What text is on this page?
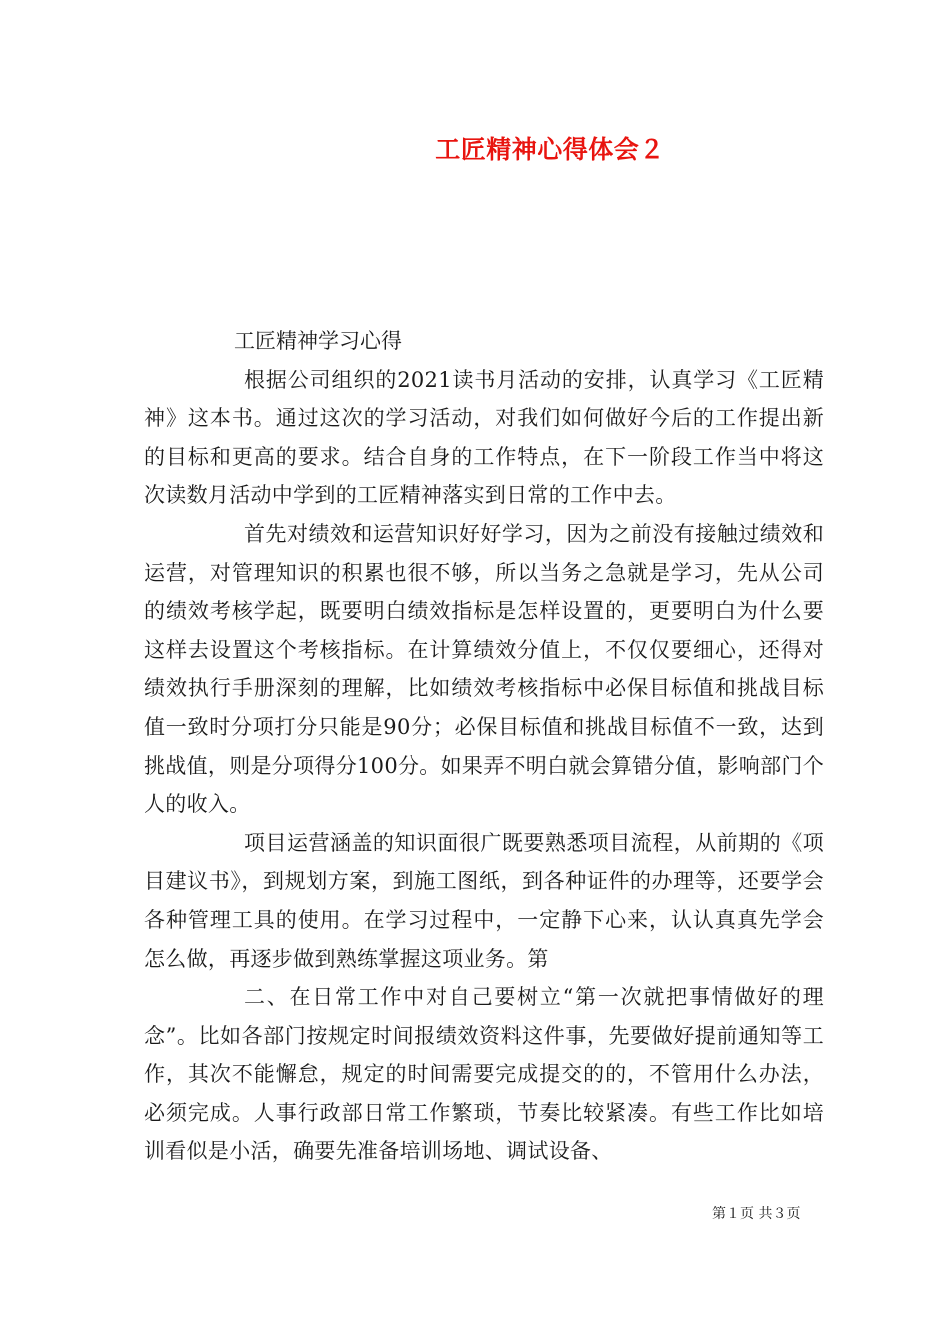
工匠精神心得体会２

工匠精神学习心得

根据公司组织的2021读书月活动的安排，认真学习《工匠精神》这本书。通过这次的学习活动，对我们如何做好今后的工作提出新的目标和更高的要求。结合自身的工作特点，在下一阶段工作当中将这次读数月活动中学到的工匠精神落实到日常的工作中去。

首先对绩效和运营知识好好学习，因为之前没有接触过绩效和运营，对管理知识的积累也很不够，所以当务之急就是学习，先从公司的绩效考核学起，既要明白绩效指标是怎样设置的，更要明白为什么要这样去设置这个考核指标。在计算绩效分值上，不仅仅要细心，还得对绩效执行手册深刻的理解，比如绩效考核指标中必保目标值和挑战目标值一致时分项打分只能是90分；必保目标值和挑战目标值不一致，达到挑战值，则是分项得分100分。如果弄不明白就会算错分值，影响部门个人的收入。

项目运营涵盖的知识面很广既要熟悉项目流程，从前期的《项目建议书》，到规划方案，到施工图纸，到各种证件的办理等，还要学会各种管理工具的使用。在学习过程中，一定静下心来，认认真真先学会怎么做，再逐步做到熟练掌握这项业务。第

二、在日常工作中对自己要树立“第一次就把事情做好的理念”。比如各部门按规定时间报绩效资料这件事，先要做好提前通知等工作，其次不能懈怠，规定的时间需要完成提交的的，不管用什么办法，必须完成。人事行政部日常工作繁琐，节奏比较紧凑。有些工作比如培训看似是小活，确要先准备培训场地、调试设备、

第１页 共３页
